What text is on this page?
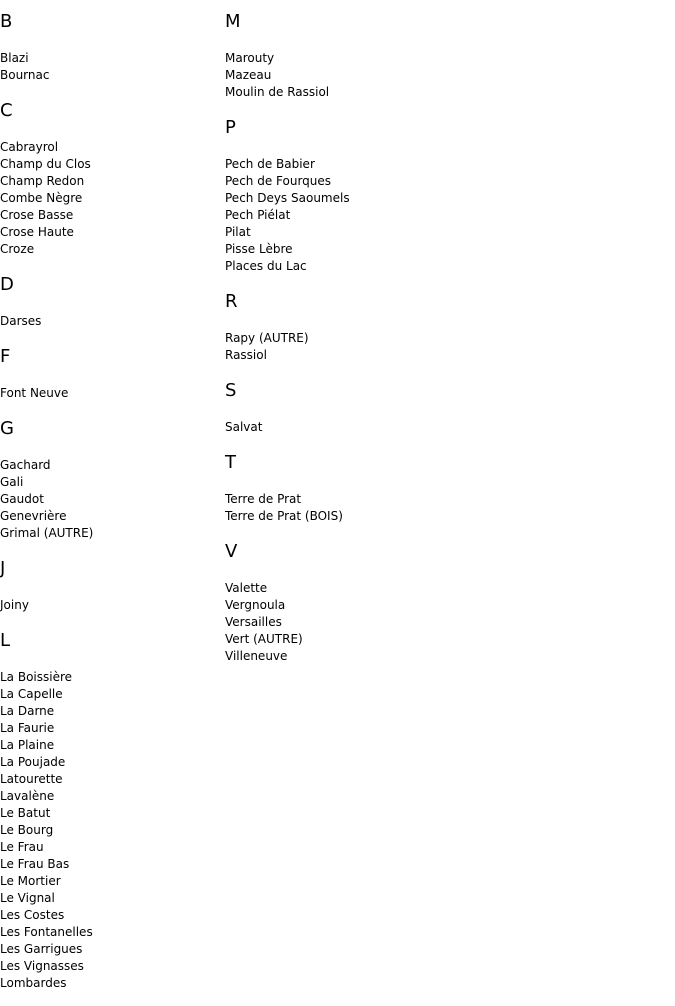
B
Blazi
Bournac
C
Cabrayrol
Champ du Clos
Champ Redon
Combe Nègre
Crose Basse
Crose Haute
Croze
D
Darses
F
Font Neuve
G
Gachard
Gali
Gaudot
Genevrière
Grimal (AUTRE)
J
Joiny
L
La Boissière
La Capelle
La Darne
La Faurie
La Plaine
La Poujade
Latourette
Lavalène
Le Batut
Le Bourg
Le Frau
Le Frau Bas
Le Mortier
Le Vignal
Les Costes
Les Fontanelles
Les Garrigues
Les Vignasses
Lombardes
M
Marouty
Mazeau
Moulin de Rassiol
P
Pech de Babier
Pech de Fourques
Pech Deys Saoumels
Pech Piélat
Pilat
Pisse Lèbre
Places du Lac
R
Rapy (AUTRE)
Rassiol
S
Salvat
T
Terre de Prat
Terre de Prat (BOIS)
V
Valette
Vergnoula
Versailles
Vert (AUTRE)
Villeneuve
